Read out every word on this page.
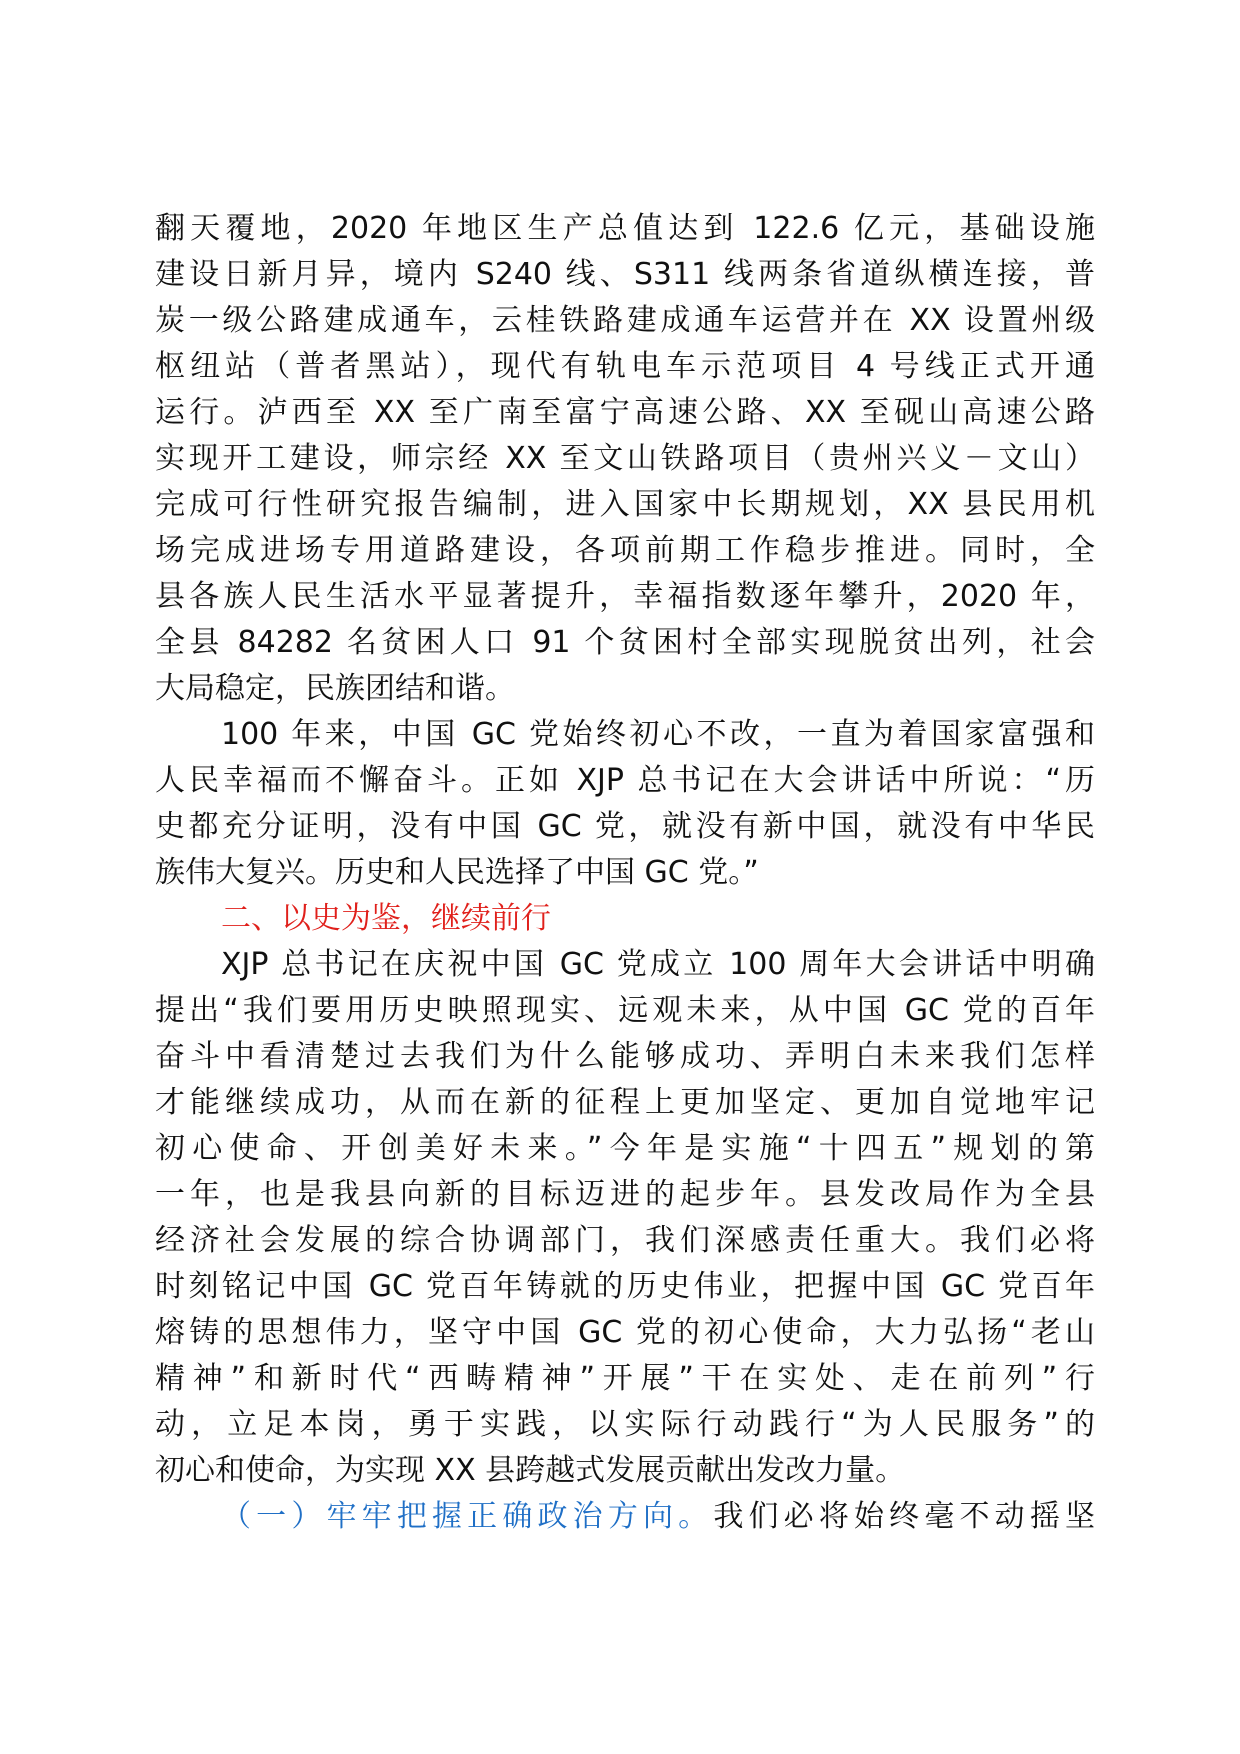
翻天覆地，2020 年地区生产总值达到 122.6 亿元，基础设施
建设日新月异，境内 S240 线、S311 线两条省道纵横连接，普
炭一级公路建成通车，云桂铁路建成通车运营并在 XX 设置州级
枢纽站（普者黑站），现代有轨电车示范项目 4 号线正式开通
运行。泸西至 XX 至广南至富宁高速公路、XX 至砚山高速公路
实现开工建设，师宗经 XX 至文山铁路项目（贵州兴义－文山）
完成可行性研究报告编制，进入国家中长期规划，XX 县民用机
场完成进场专用道路建设，各项前期工作稳步推进。同时，全
县各族人民生活水平显著提升，幸福指数逐年攀升，2020 年，
全县 84282 名贫困人口 91 个贫困村全部实现脱贫出列，社会
大局稳定，民族团结和谐。
100 年来，中国 GC 党始终初心不改，一直为着国家富强和
人民幸福而不懈奋斗。正如 XJP 总书记在大会讲话中所说：“历
史都充分证明，没有中国 GC 党，就没有新中国，就没有中华民
族伟大复兴。历史和人民选择了中国 GC 党。”
二、以史为鉴，继续前行
XJP 总书记在庆祝中国 GC 党成立 100 周年大会讲话中明确
提出“我们要用历史映照现实、远观未来，从中国 GC 党的百年
奋斗中看清楚过去我们为什么能够成功、弄明白未来我们怎样
才能继续成功，从而在新的征程上更加坚定、更加自觉地牢记
初心使命、开创美好未来。”今年是实施“十四五”规划的第
一年，也是我县向新的目标迈进的起步年。县发改局作为全县
经济社会发展的综合协调部门，我们深感责任重大。我们必将
时刻铭记中国 GC 党百年铸就的历史伟业，把握中国 GC 党百年
熔铸的思想伟力，坚守中国 GC 党的初心使命，大力弘扬“老山
精神”和新时代“西畴精神”开展”干在实处、走在前列”行
动，立足本岗，勇于实践，以实际行动践行“为人民服务”的
初心和使命，为实现 XX 县跨越式发展贡献出发改力量。
（一）牢牢把握正确政治方向。我们必将始终毫不动摇坚
